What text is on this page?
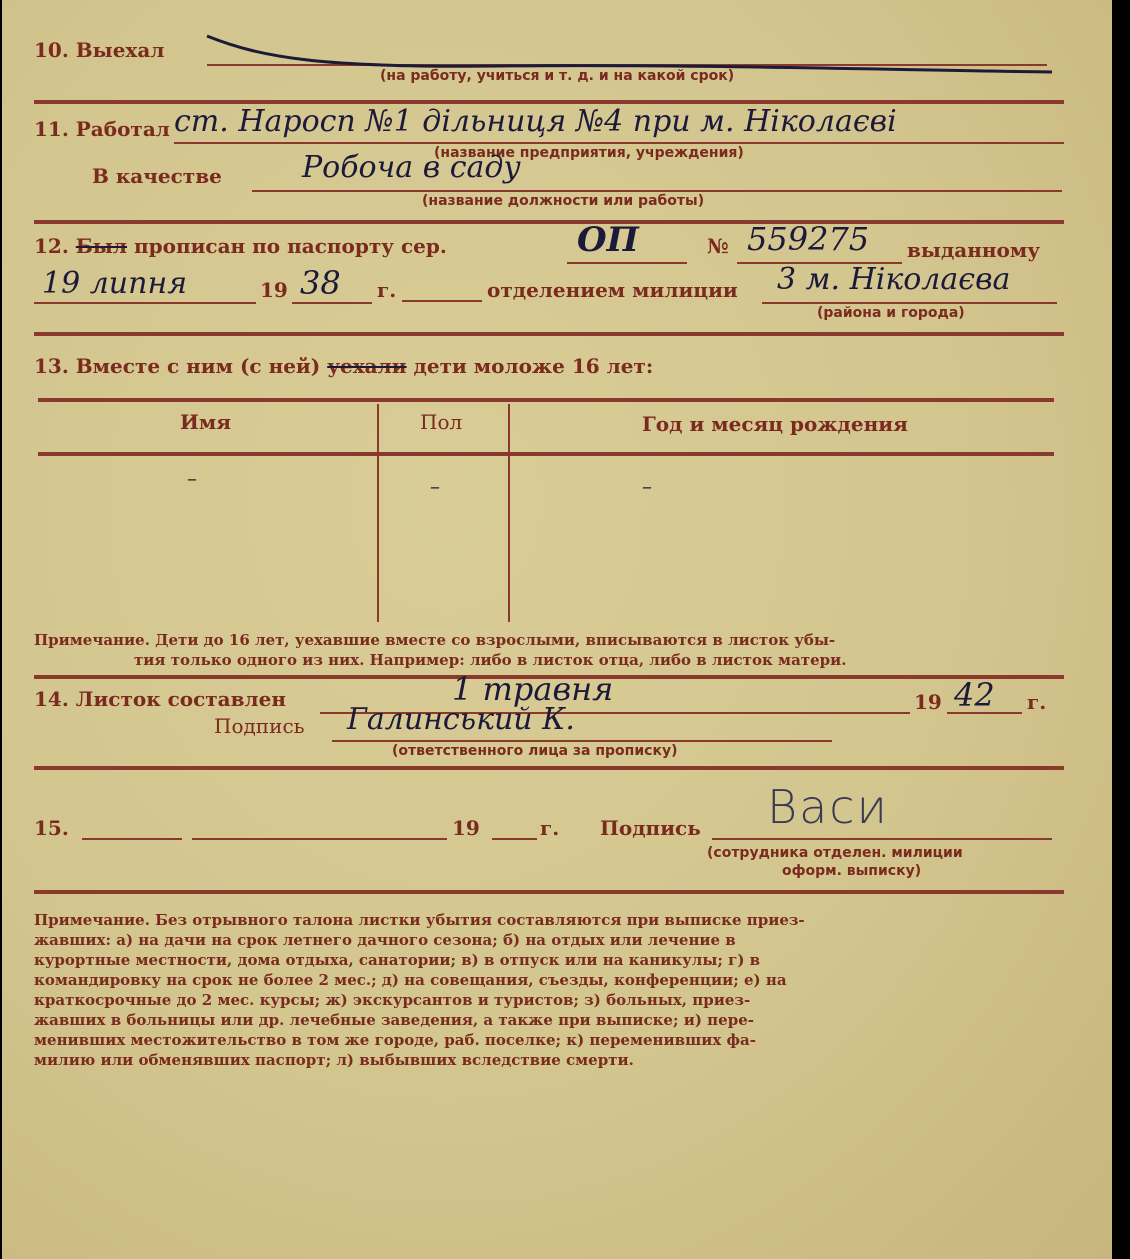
10. Выехал
(на работу, учиться и т. д. и на какой срок)
11. Работал ст. Наросп №1 дільниця №4 при м. Ніколаєві
(название предприятия, учреждения)
В качестве	Робоча в саду
(название должности или работы)
12. Был прописан по паспорту сер.	ОП	№ 559275 выданному
19 липня	19 38 г.	отделением милиции 3 м. Ніколаєва
(района и города)
13. Вместе с ним (с ней) уехали дети моложе 16 лет:
Имя	Пол	Год и месяц рождения
–	–	–

Примечание. Дети до 16 лет, уехавшие вместе со взрослыми, вписываются в листок убы-

тия только одного из них. Например: либо в листок отца, либо в листок матери.

14. Листок составлен	1 травня	19 42 г.
Подпись Галинський К.
(ответственного лица за прописку)
15.	19	г. Подпись Васи
(сотрудника отделен. милиции
оформ. выписку)

Примечание. Без отрывного талона листки убытия составляются при выписке приез-

жавших: а) на дачи на срок летнего дачного сезона; б) на отдых или лечение в

курортные местности, дома отдыха, санатории; в) в отпуск или на каникулы; г) в

командировку на срок не более 2 мес.; д) на совещания, съезды, конференции; е) на

краткосрочные до 2 мес. курсы; ж) экскурсантов и туристов; з) больных, приез-

жавших в больницы или др. лечебные заведения, а также при выписке; и) пере-

менивших местожительство в том же городе, раб. поселке; к) переменивших фа-

милию или обменявших паспорт; л) выбывших вследствие смерти.
